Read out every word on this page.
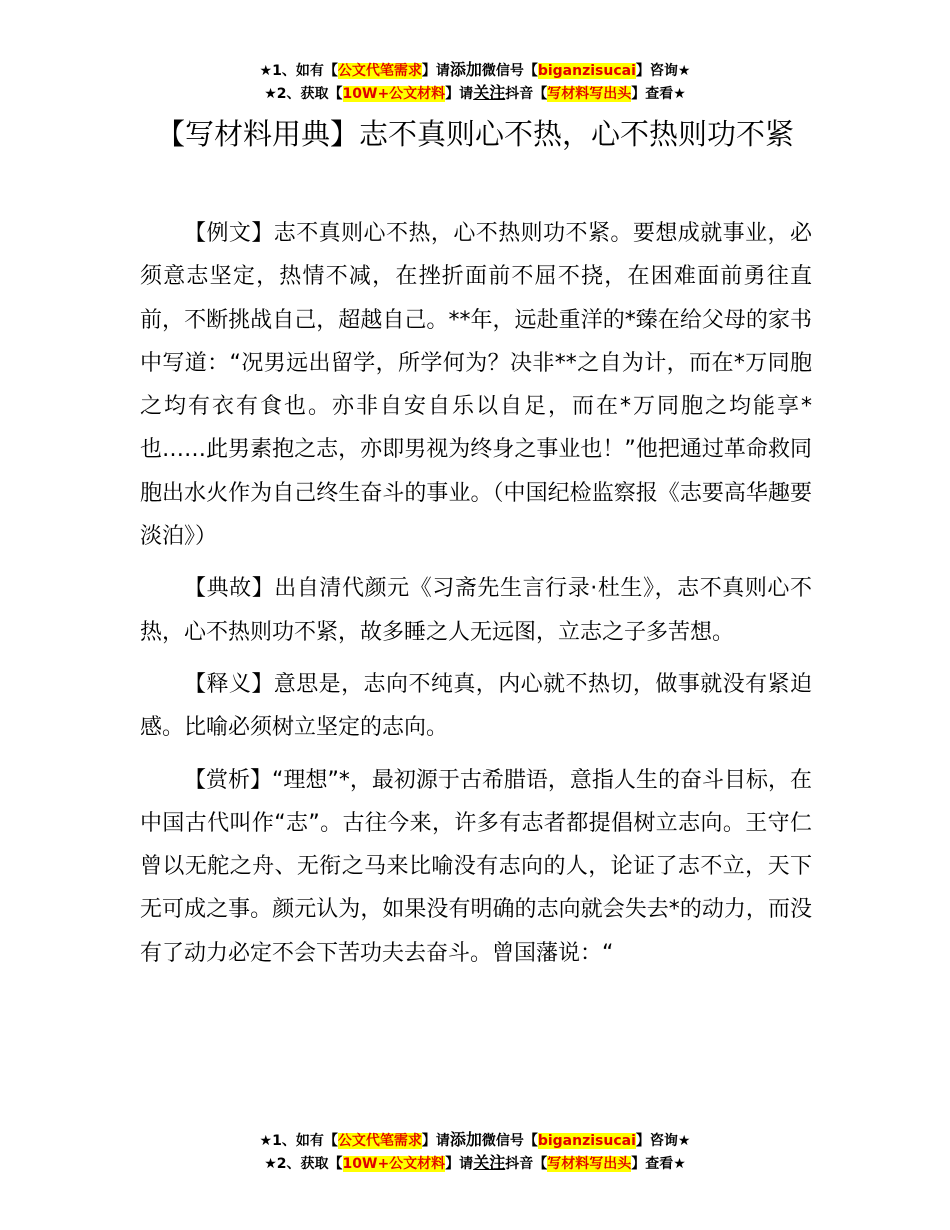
★1、如有【公文代笔需求】请添加微信号【biganzisucai】咨询★
★2、获取【10W+公文材料】请关注抖音【写材料写出头】查看★
【写材料用典】志不真则心不热，心不热则功不紧

【例文】志不真则心不热，心不热则功不紧。要想成就事业，必须意志坚定，热情不减，在挫折面前不屈不挠，在困难面前勇往直前，不断挑战自己，超越自己。**年，远赴重洋的*臻在给父母的家书中写道：“况男远出留学，所学何为？决非**之自为计，而在*万同胞之均有衣有食也。亦非自安自乐以自足，而在*万同胞之均能享*也……此男素抱之志，亦即男视为终身之事业也！”他把通过革命救同胞出水火作为自己终生奋斗的事业。（中国纪检监察报《志要高华趣要淡泊》）

【典故】出自清代颜元《习斋先生言行录·杜生》，志不真则心不热，心不热则功不紧，故多睡之人无远图，立志之子多苦想。

【释义】意思是，志向不纯真，内心就不热切，做事就没有紧迫感。比喻必须树立坚定的志向。

【赏析】“理想”*，最初源于古希腊语，意指人生的奋斗目标，在中国古代叫作“志”。古往今来，许多有志者都提倡树立志向。王守仁曾以无舵之舟、无衔之马来比喻没有志向的人，论证了志不立，天下无可成之事。颜元认为，如果没有明确的志向就会失去*的动力，而没有了动力必定不会下苦功夫去奋斗。曾国藩说：“

★1、如有【公文代笔需求】请添加微信号【biganzisucai】咨询★
★2、获取【10W+公文材料】请关注抖音【写材料写出头】查看★
